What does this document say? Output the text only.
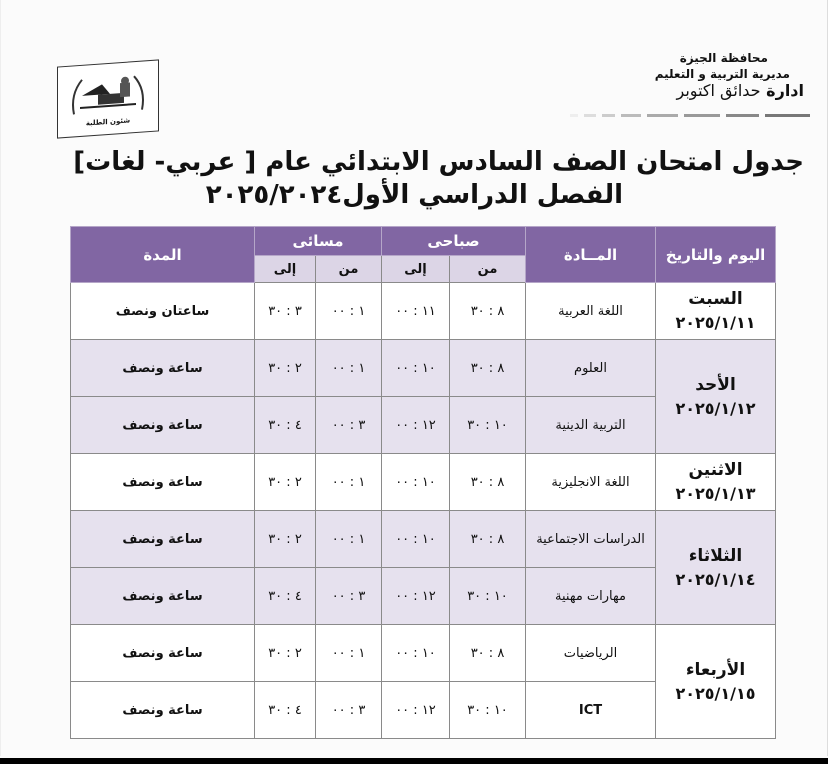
شئون الطلبة
محافظة الجيزة
مديرية التربية و التعليم
ادارة حدائق اكتوبر
جدول امتحان الصف السادس الابتدائي عام [ عربي- لغات]
الفصل الدراسي الأول٢٠٢٥/٢٠٢٤
اليوم والتاريخ	المــادة	صباحى		مسائى		المدة
		من	إلى	من	إلى	

السبت
٢٠٢٥/١/١١	اللغة العربية	٨ : ٣٠	١١ : ٠٠	١ : ٠٠	٣ : ٣٠	ساعتان ونصف

الأحد
٢٠٢٥/١/١٢	العلوم	٨ : ٣٠	١٠ : ٠٠	١ : ٠٠	٢ : ٣٠	ساعة ونصف
	التربية الدينية	١٠ : ٣٠	١٢ : ٠٠	٣ : ٠٠	٤ : ٣٠	ساعة ونصف

الاثنين
٢٠٢٥/١/١٣	اللغة الانجليزية	٨ : ٣٠	١٠ : ٠٠	١ : ٠٠	٢ : ٣٠	ساعة ونصف

الثلاثاء
٢٠٢٥/١/١٤	الدراسات الاجتماعية	٨ : ٣٠	١٠ : ٠٠	١ : ٠٠	٢ : ٣٠	ساعة ونصف
	مهارات مهنية	١٠ : ٣٠	١٢ : ٠٠	٣ : ٠٠	٤ : ٣٠	ساعة ونصف

الأربعاء
٢٠٢٥/١/١٥	الرياضيات	٨ : ٣٠	١٠ : ٠٠	١ : ٠٠	٢ : ٣٠	ساعة ونصف
	ICT	١٠ : ٣٠	١٢ : ٠٠	٣ : ٠٠	٤ : ٣٠	ساعة ونصف
